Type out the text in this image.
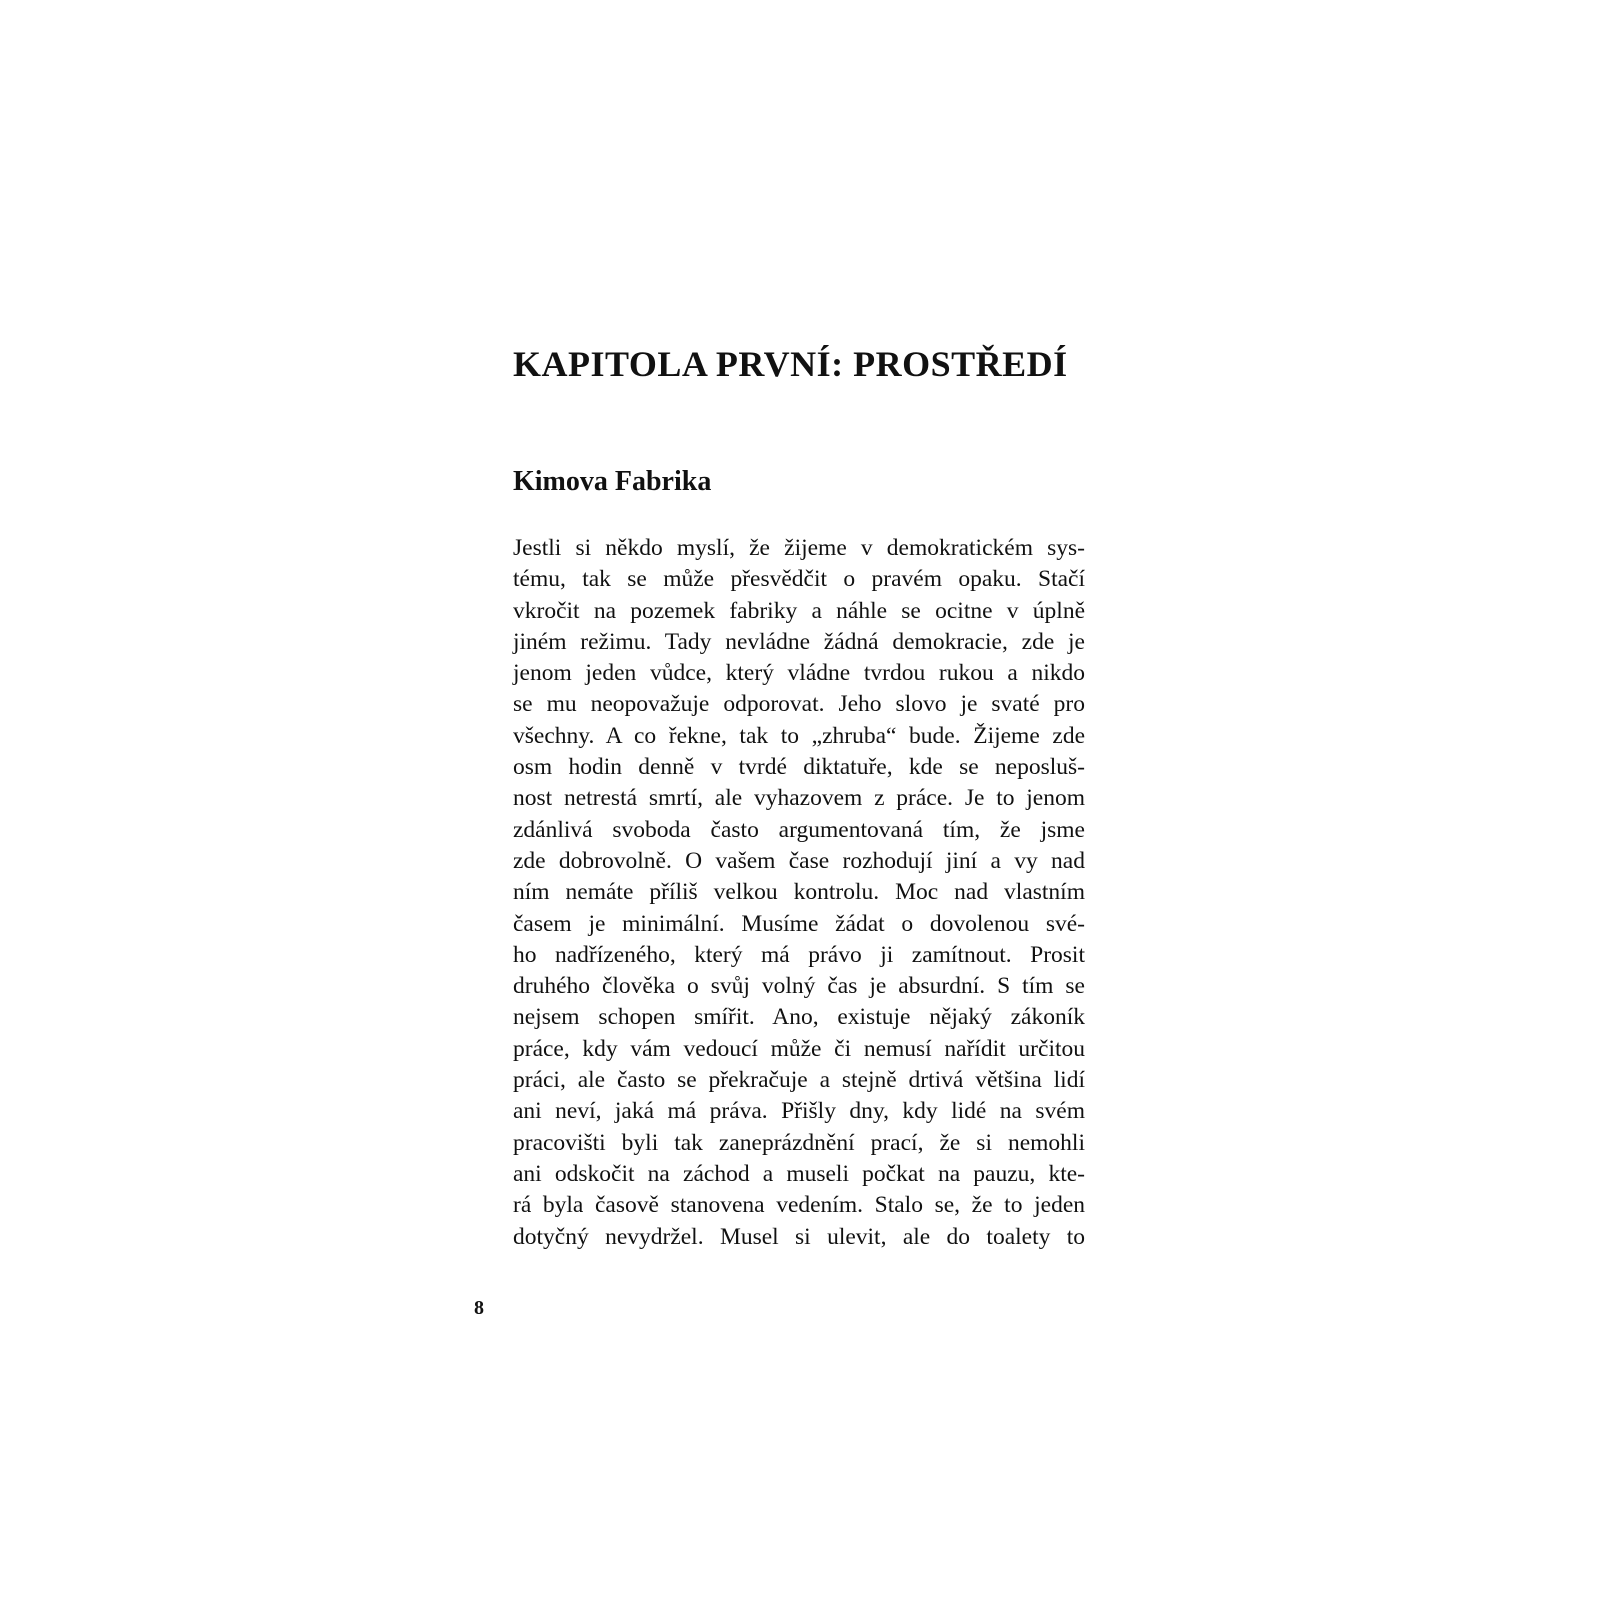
KAPITOLA PRVNÍ: PROSTŘEDÍ
Kimova Fabrika
Jestli si někdo myslí, že žijeme v demokratickém sys-
tému, tak se může přesvědčit o pravém opaku. Stačí
vkročit na pozemek fabriky a náhle se ocitne v úplně
jiném režimu. Tady nevládne žádná demokracie, zde je
jenom jeden vůdce, který vládne tvrdou rukou a nikdo
se mu neopovažuje odporovat. Jeho slovo je svaté pro
všechny. A co řekne, tak to „zhruba“ bude. Žijeme zde
osm hodin denně v tvrdé diktatuře, kde se neposluš-
nost netrestá smrtí, ale vyhazovem z práce. Je to jenom
zdánlivá svoboda často argumentovaná tím, že jsme
zde dobrovolně. O vašem čase rozhodují jiní a vy nad
ním nemáte příliš velkou kontrolu. Moc nad vlastním
časem je minimální. Musíme žádat o dovolenou své-
ho nadřízeného, který má právo ji zamítnout. Prosit
druhého člověka o svůj volný čas je absurdní. S tím se
nejsem schopen smířit. Ano, existuje nějaký zákoník
práce, kdy vám vedoucí může či nemusí nařídit určitou
práci, ale často se překračuje a stejně drtivá většina lidí
ani neví, jaká má práva. Přišly dny, kdy lidé na svém
pracovišti byli tak zaneprázdnění prací, že si nemohli
ani odskočit na záchod a museli počkat na pauzu, kte-
rá byla časově stanovena vedením. Stalo se, že to jeden
dotyčný nevydržel. Musel si ulevit, ale do toalety to
8
